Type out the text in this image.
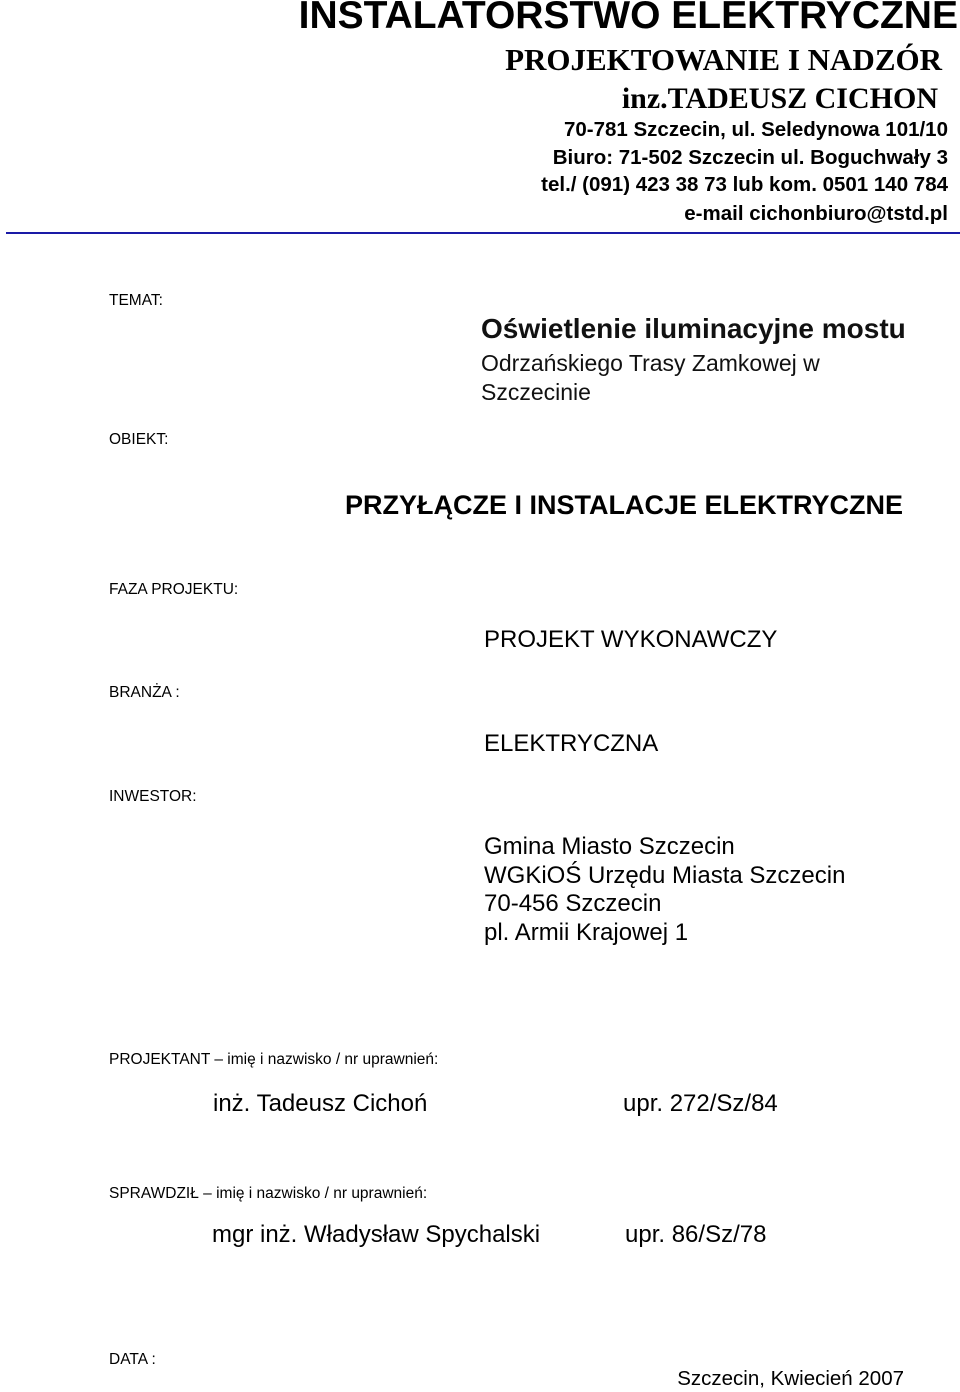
INSTALATORSTWO ELEKTRYCZNE
PROJEKTOWANIE I NADZÓR
inz.TADEUSZ CICHON
70-781 Szczecin, ul. Seledynowa 101/10
Biuro: 71-502 Szczecin ul. Boguchwały 3
tel./ (091) 423 38 73 lub kom. 0501 140 784
e-mail cichonbiuro@tstd.pl
TEMAT:
OBIEKT:
FAZA PROJEKTU:
BRANŻA :
INWESTOR:
PROJEKTANT – imię i nazwisko / nr uprawnień:
SPRAWDZIŁ – imię i nazwisko / nr uprawnień:
DATA :
Oświetlenie iluminacyjne mostu
Odrzańskiego Trasy Zamkowej w Szczecinie
PRZYŁĄCZE I INSTALACJE ELEKTRYCZNE
PROJEKT WYKONAWCZY
ELEKTRYCZNA
Gmina Miasto Szczecin
WGKiOŚ Urzędu Miasta Szczecin
70-456 Szczecin
pl. Armii Krajowej 1
inż. Tadeusz Cichoń	upr. 272/Sz/84
mgr inż. Władysław Spychalski	upr. 86/Sz/78
Szczecin, Kwiecień 2007
